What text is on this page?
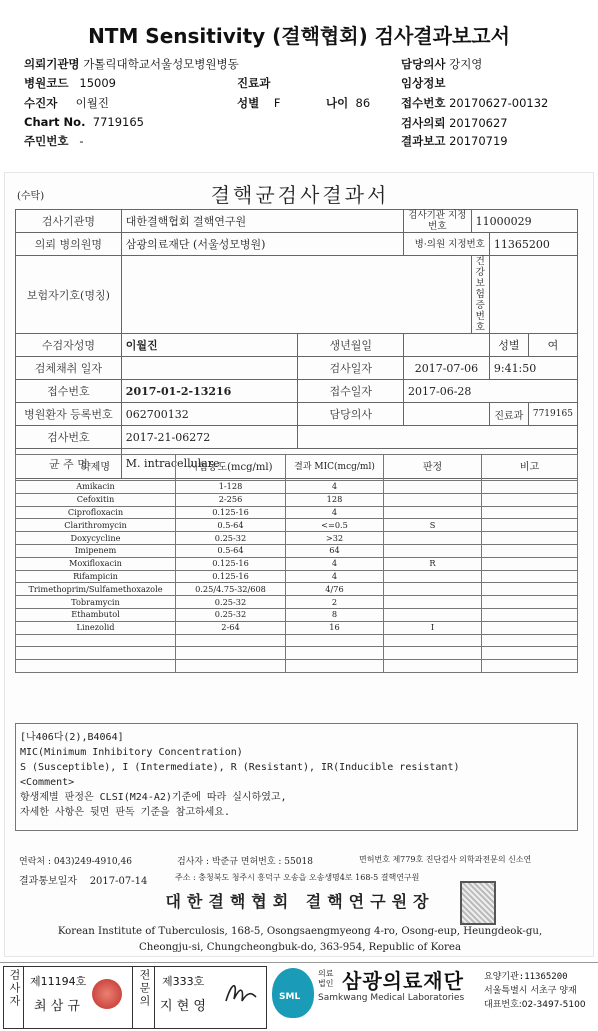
NTM Sensitivity (결핵협회) 검사결과보고서
의뢰기관명 가톨릭대학교서울성모병원병동	담당의사 강지영
병원코드 15009	진료과	임상정보
수진자 이월진	성별 F	나이 86	접수번호 20170627-00132
Chart No. 7719165	검사의뢰 20170627
주민번호 -	결과보고 20170719
(수탁)	결핵균검사결과서
검사기관명	대한결핵협회 결핵연구원		검사기관 지정번호	11000029		
의뢰 병의원명	삼광의료재단 (서울성모병원)		병·의원 지정번호		11365200	
보험자기호(명칭)				건강보험 증 번 호		
수검자성명	이월진	생년월일			성별	여
검체채취 일자		검사일자	2017-07-06		9:41:50	
접수번호	2017-01-2-13216	접수일자	2017-06-28			
병원환자 등록번호	062700132	담당의사			진료과	7719165
검사번호	2017-21-06272					
균 주 명	M. intracellulare					
약제명	시험농도(mcg/ml)	결과 MIC(mcg/ml)	판정	비고
Amikacin	1-128	4		
Cefoxitin	2-256	128		
Ciprofloxacin	0.125-16	4		
Clarithromycin	0.5-64	<=0.5	S	
Doxycycline	0.25-32	>32		
Imipenem	0.5-64	64		
Moxifloxacin	0.125-16	4	R	
Rifampicin	0.125-16	4		
Trimethoprim/Sulfamethoxazole	0.25/4.75-32/608	4/76		
Tobramycin	0.25-32	2		
Ethambutol	0.25-32	8		
Linezolid	2-64	16	I	

[나406다(2),B4064]
MIC(Minimum Inhibitory Concentration)
S (Susceptible), I (Intermediate), R (Resistant), IR(Inducible resistant)
<Comment>
항생제별 판정은 CLSI(M24-A2)기준에 따라 실시하였고,
자세한 사항은 뒷면 판독 기준을 참고하세요.
연락처 : 043)249-4910,46	검사자 : 박준규 면허번호 : 55018	면허번호 제779호 진단검사 의학과전문의 신소연
결과통보일자 2017-07-14	주소 : 충청북도 청주시 흥덕구 오송읍 오송생명4로 168-5 결핵연구원
대한결핵협회 결핵연구원장
Korean Institute of Tuberculosis, 168-5, Osongsaengmyeong 4-ro, Osong-eup, Heungdeok-gu,
Cheongju-si, Chungcheongbuk-do, 363-954, Republic of Korea
검사자 제11194호
최 삼 규	전문의 제333호
지 현 영
SML
의료법인 삼광의료재단
Samkwang Medical Laboratories
요양기관:11365200
서울특별시 서초구 양재
대표번호:02-3497-5100
